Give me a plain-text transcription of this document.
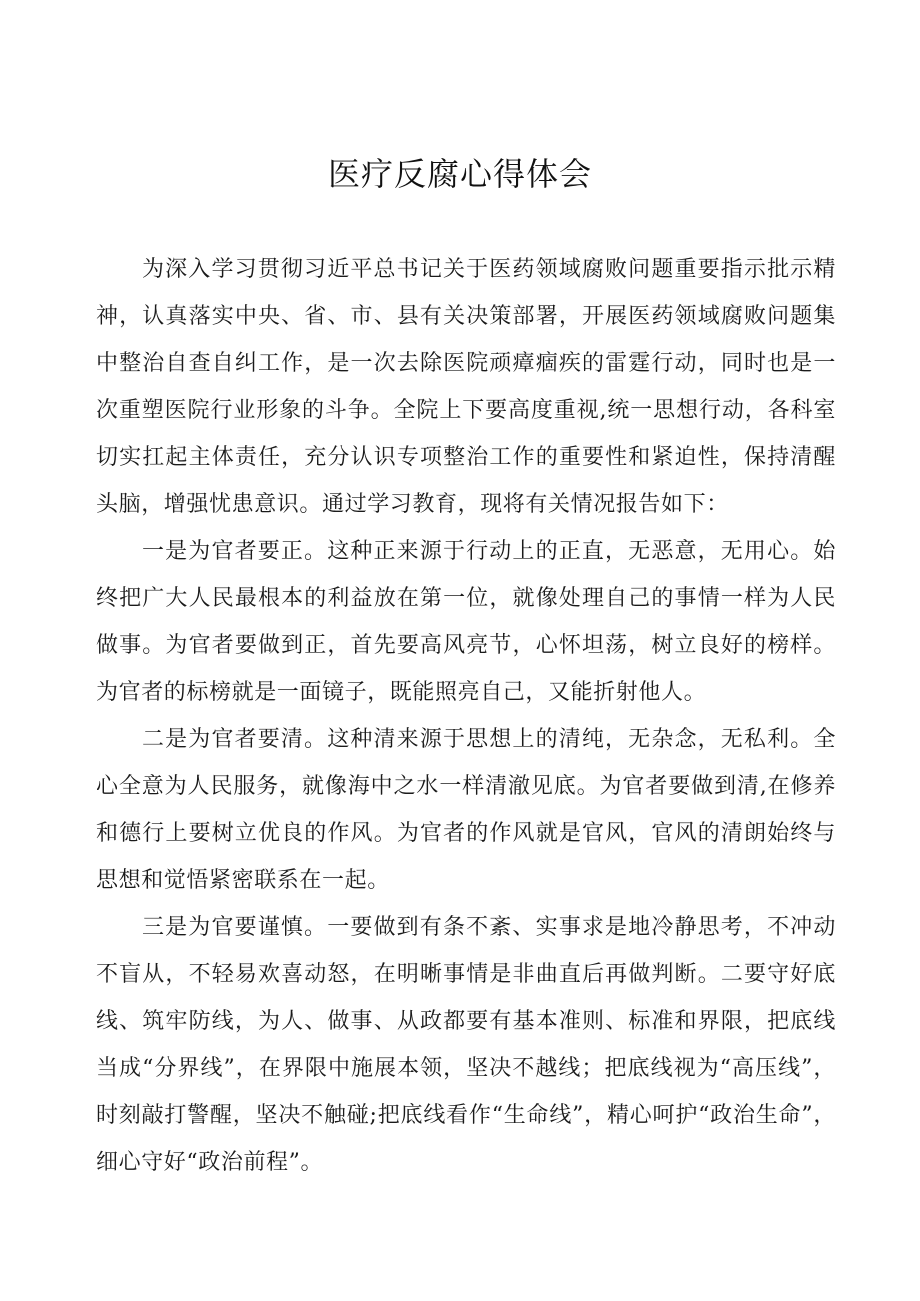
医疗反腐心得体会

为深入学习贯彻习近平总书记关于医药领域腐败问题重要指示批示精神，认真落实中央、省、市、县有关决策部署，开展医药领域腐败问题集中整治自查自纠工作，是一次去除医院顽瘴痼疾的雷霆行动，同时也是一次重塑医院行业形象的斗争。全院上下要高度重视,统一思想行动，各科室切实扛起主体责任，充分认识专项整治工作的重要性和紧迫性，保持清醒头脑，增强忧患意识。通过学习教育，现将有关情况报告如下：

一是为官者要正。这种正来源于行动上的正直，无恶意，无用心。始终把广大人民最根本的利益放在第一位，就像处理自己的事情一样为人民做事。为官者要做到正，首先要高风亮节，心怀坦荡，树立良好的榜样。为官者的标榜就是一面镜子，既能照亮自己，又能折射他人。

二是为官者要清。这种清来源于思想上的清纯，无杂念，无私利。全心全意为人民服务，就像海中之水一样清澈见底。为官者要做到清,在修养和德行上要树立优良的作风。为官者的作风就是官风，官风的清朗始终与思想和觉悟紧密联系在一起。

三是为官要谨慎。一要做到有条不紊、实事求是地冷静思考，不冲动不盲从，不轻易欢喜动怒，在明晰事情是非曲直后再做判断。二要守好底线、筑牢防线，为人、做事、从政都要有基本准则、标准和界限，把底线当成“分界线”，在界限中施展本领，坚决不越线；把底线视为“高压线”，时刻敲打警醒，坚决不触碰;把底线看作“生命线”，精心呵护“政治生命”，细心守好“政治前程”。
